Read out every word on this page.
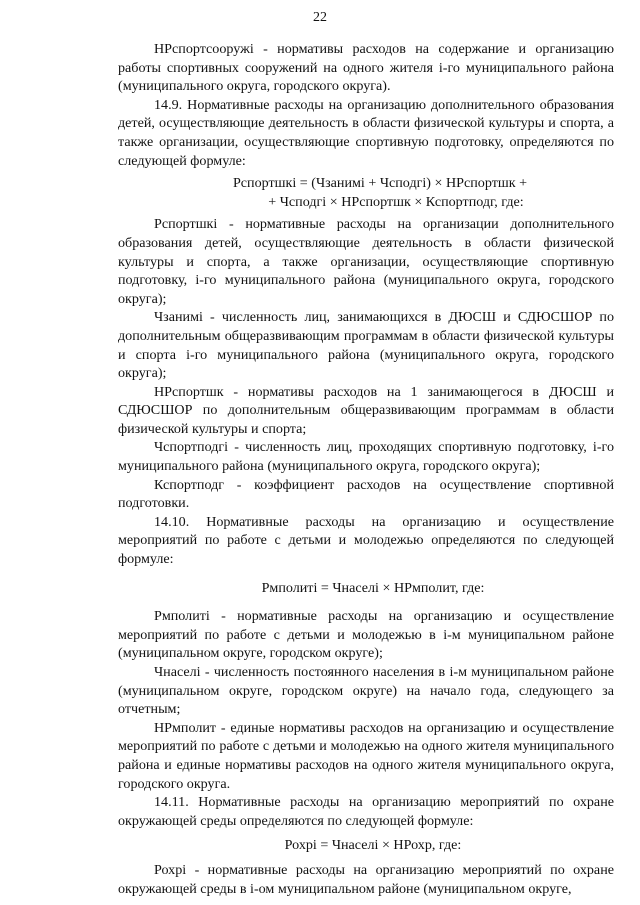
22

НРспортсооружі - нормативы расходов на содержание и организацию работы спортивных сооружений на одного жителя і-го муниципального района (муниципального округа, городского округа).

14.9. Нормативные расходы на организацию дополнительного образования детей, осуществляющие деятельность в области физической культуры и спорта, а также организации, осуществляющие спортивную подготовку, определяются по следующей формуле:

Рспортшкі = (Чзанимі + Чсподгі) × НРспортшк +

+ Чсподгі × НРспортшк × Кспортподг, где:

Рспортшкі - нормативные расходы на организации дополнительного образования детей, осуществляющие деятельность в области физической культуры и спорта, а также организации, осуществляющие спортивную подготовку, і-го муниципального района (муниципального округа, городского округа);

Чзанимі - численность лиц, занимающихся в ДЮСШ и СДЮСШОР по дополнительным общеразвивающим программам в области физической культуры и спорта і-го муниципального района (муниципального округа, городского округа);

НРспортшк - нормативы расходов на 1 занимающегося в ДЮСШ и СДЮСШОР по дополнительным общеразвивающим программам в области физической культуры и спорта;

Чспортподгі - численность лиц, проходящих спортивную подготовку, і-го муниципального района (муниципального округа, городского округа);

Кспортподг - коэффициент расходов на осуществление спортивной подготовки.

14.10. Нормативные расходы на организацию и осуществление мероприятий по работе с детьми и молодежью определяются по следующей формуле:

Рмполиті = Чнаселі × НРмполит, где:

Рмполиті - нормативные расходы на организацию и осуществление мероприятий по работе с детьми и молодежью в і-м муниципальном районе (муниципальном округе, городском округе);

Чнаселі - численность постоянного населения в і-м муниципальном районе (муниципальном округе, городском округе) на начало года, следующего за отчетным;

НРмполит - единые нормативы расходов на организацию и осуществление мероприятий по работе с детьми и молодежью на одного жителя муниципального района и единые нормативы расходов на одного жителя муниципального округа, городского округа.

14.11. Нормативные расходы на организацию мероприятий по охране окружающей среды определяются по следующей формуле:

Рохрі = Чнаселі × НРохр, где:

Рохрі - нормативные расходы на организацию мероприятий по охране окружающей среды в і-ом муниципальном районе (муниципальном округе,
